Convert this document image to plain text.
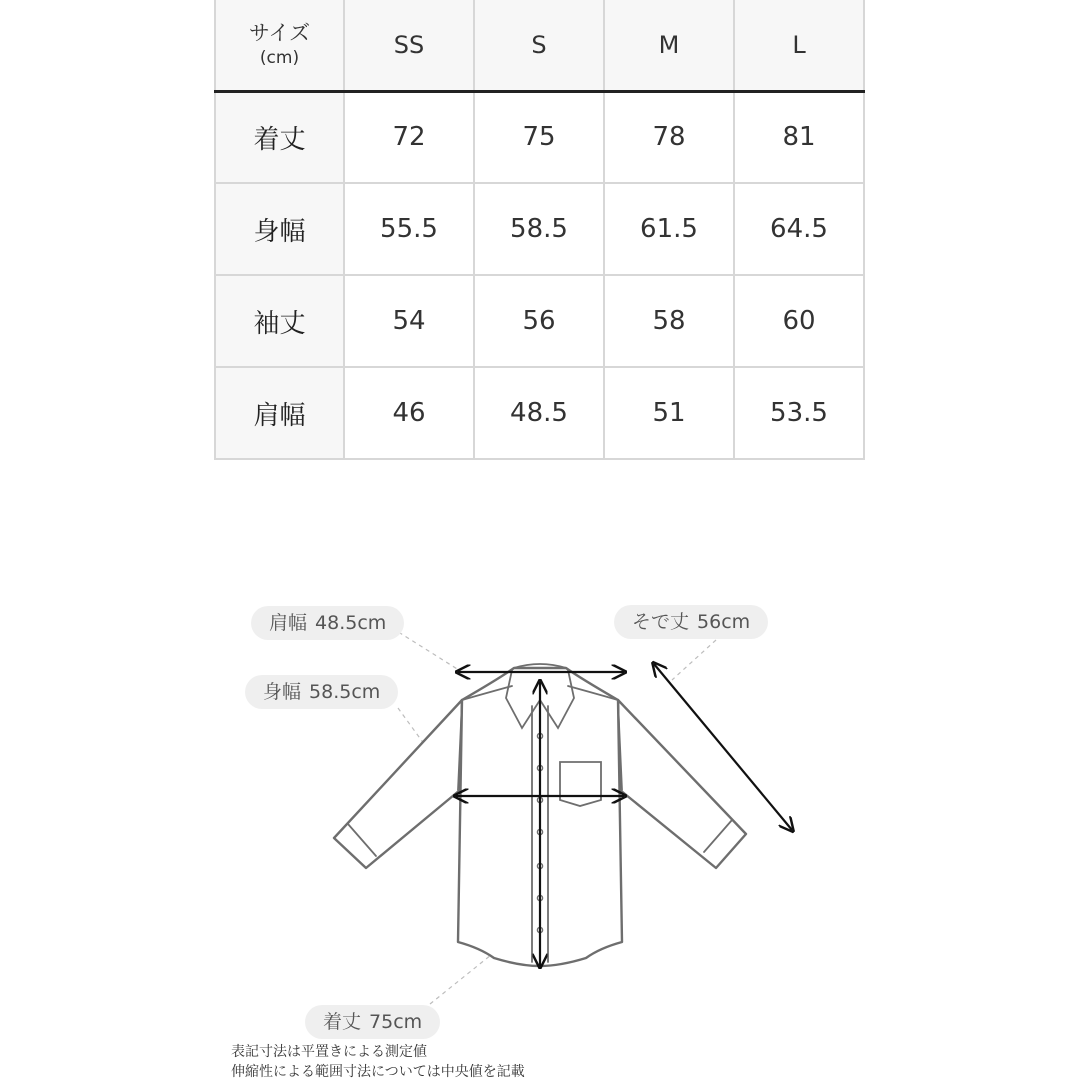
サイズ
(cm)	SS	S	M	L
着丈	72	75	78	81
身幅	55.5	58.5	61.5	64.5
袖丈	54	56	58	60
肩幅	46	48.5	51	53.5
肩幅 48.5cm
身幅 58.5cm
そで丈 56cm
着丈 75cm
表記寸法は平置きによる測定値
伸縮性による範囲寸法については中央値を記載
